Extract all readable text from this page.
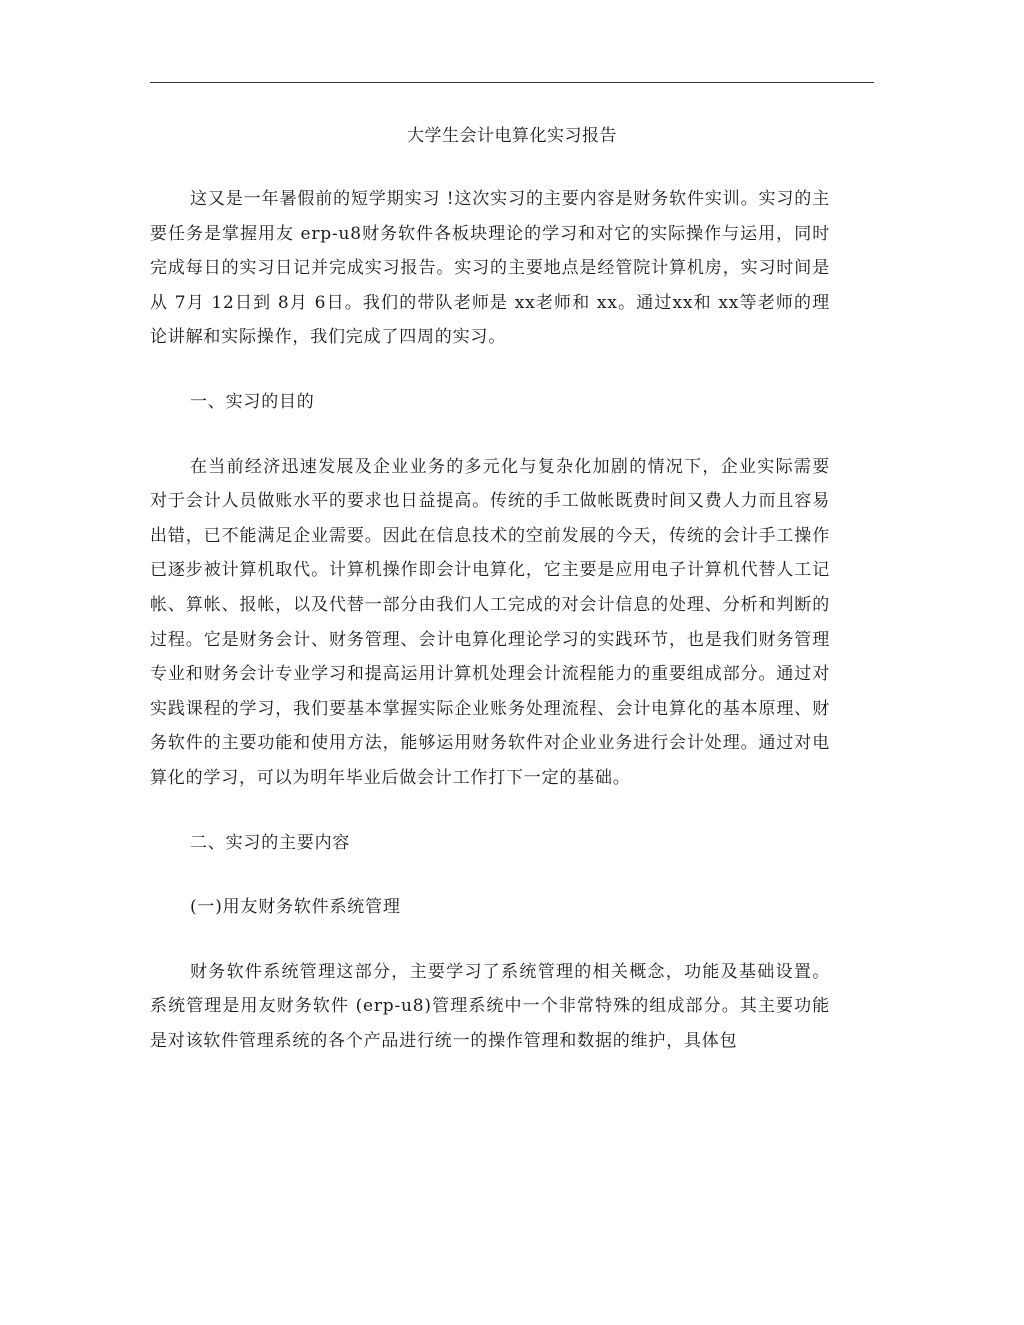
大学生会计电算化实习报告

这又是一年暑假前的短学期实习 !这次实习的主要内容是财务软件实训。实习的主要任务是掌握用友 erp-u8财务软件各板块理论的学习和对它的实际操作与运用，同时完成每日的实习日记并完成实习报告。实习的主要地点是经管院计算机房，实习时间是从 7月 12日到 8月 6日。我们的带队老师是 xx老师和 xx。通过xx和 xx等老师的理论讲解和实际操作，我们完成了四周的实习。

一、实习的目的

在当前经济迅速发展及企业业务的多元化与复杂化加剧的情况下，企业实际需要对于会计人员做账水平的要求也日益提高。传统的手工做帐既费时间又费人力而且容易出错，已不能满足企业需要。因此在信息技术的空前发展的今天，传统的会计手工操作已逐步被计算机取代。计算机操作即会计电算化，它主要是应用电子计算机代替人工记帐、算帐、报帐，以及代替一部分由我们人工完成的对会计信息的处理、分析和判断的过程。它是财务会计、财务管理、会计电算化理论学习的实践环节，也是我们财务管理专业和财务会计专业学习和提高运用计算机处理会计流程能力的重要组成部分。通过对实践课程的学习，我们要基本掌握实际企业账务处理流程、会计电算化的基本原理、财务软件的主要功能和使用方法，能够运用财务软件对企业业务进行会计处理。通过对电算化的学习，可以为明年毕业后做会计工作打下一定的基础。

二、实习的主要内容

(一)用友财务软件系统管理

财务软件系统管理这部分，主要学习了系统管理的相关概念，功能及基础设置。系统管理是用友财务软件 (erp-u8)管理系统中一个非常特殊的组成部分。其主要功能是对该软件管理系统的各个产品进行统一的操作管理和数据的维护，具体包
